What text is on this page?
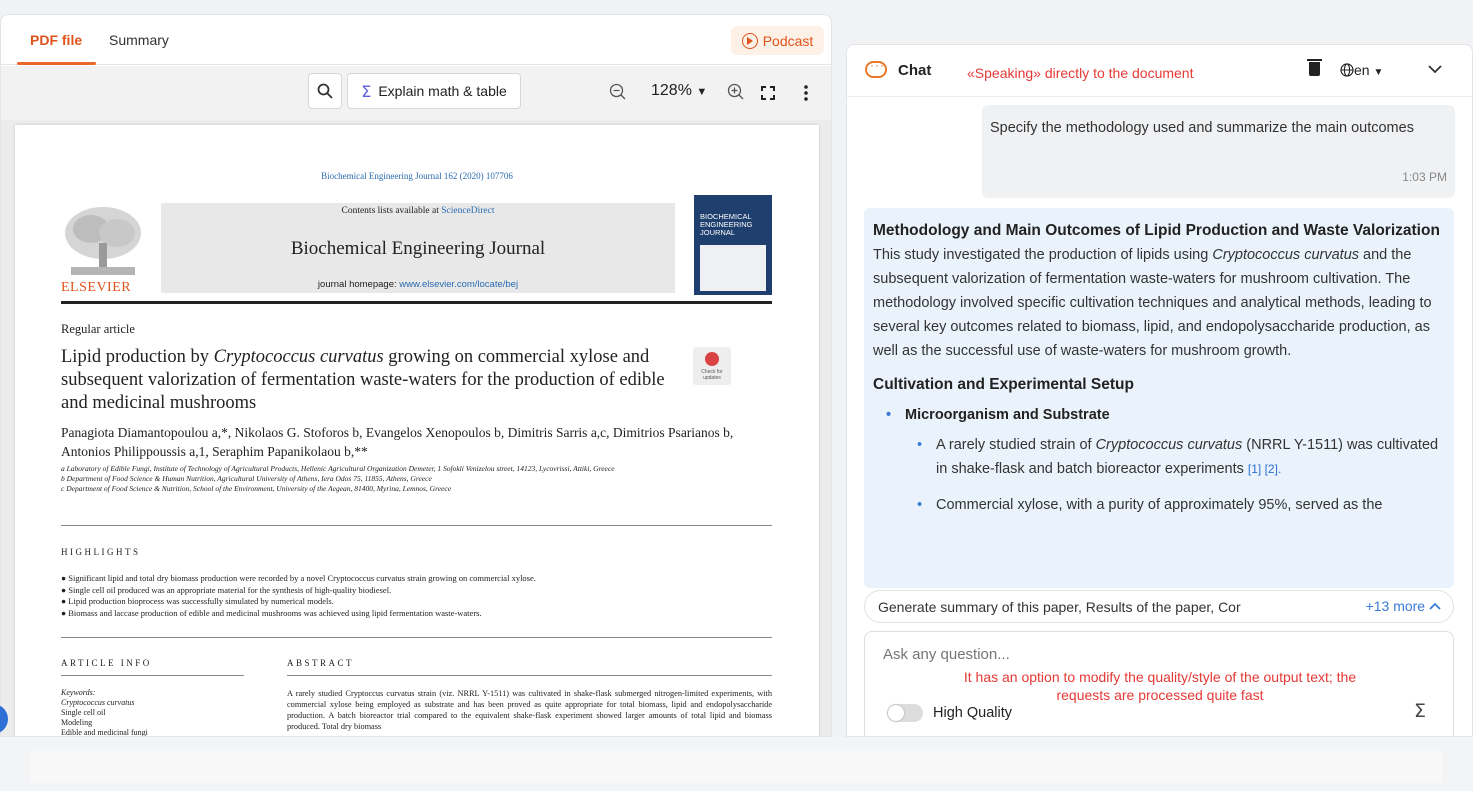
PDF file Summary	Podcast
Σ Explain math & table	128% ▼
Biochemical Engineering Journal 162 (2020) 107706
ELSEVIER
Contents lists available at ScienceDirect
Biochemical Engineering Journal
journal homepage: www.elsevier.com/locate/bej
BIOCHEMICAL ENGINEERING JOURNAL
Regular article
Lipid production by Cryptococcus curvatus growing on commercial xylose and subsequent valorization of fermentation waste-waters for the production of edible and medicinal mushrooms
Check for updates
Panagiota Diamantopoulou a,*, Nikolaos G. Stoforos b, Evangelos Xenopoulos b, Dimitris Sarris a,c, Dimitrios Psarianos b, Antonios Philippoussis a,1, Seraphim Papanikolaou b,**
a Laboratory of Edible Fungi, Institute of Technology of Agricultural Products, Hellenic Agricultural Organization Demeter, 1 Sofokli Venizelou street, 14123, Lycovrissi, Attiki, Greece
b Department of Food Science & Human Nutrition, Agricultural University of Athens, Iera Odos 75, 11855, Athens, Greece
c Department of Food Science & Nutrition, School of the Environment, University of the Aegean, 81400, Myrina, Lemnos, Greece
HIGHLIGHTS
● Significant lipid and total dry biomass production were recorded by a novel Cryptococcus curvatus strain growing on commercial xylose.
● Single cell oil produced was an appropriate material for the synthesis of high-quality biodiesel.
● Lipid production bioprocess was successfully simulated by numerical models.
● Biomass and laccase production of edible and medicinal mushrooms was achieved using lipid fermentation waste-waters.
ARTICLE INFO	ABSTRACT
Keywords:
Cryptococcus curvatus
Single cell oil
Modeling
Edible and medicinal fungi
A rarely studied Cryptoccus curvatus strain (viz. NRRL Y-1511) was cultivated in shake-flask submerged nitrogen-limited experiments, with commercial xylose being employed as substrate and has been proved as quite appropriate for total biomass, lipid and endopolysaccharide production. A batch bioreactor trial compared to the equivalent shake-flask experiment showed larger amounts of total lipid and biomass produced. Total dry biomass
···
Chat	«Speaking» directly to the document	en ▼
Specify the methodology used and summarize the main outcomes
1:03 PM
Methodology and Main Outcomes of Lipid Production and Waste Valorization
This study investigated the production of lipids using Cryptococcus curvatus and the subsequent valorization of fermentation waste-waters for mushroom cultivation. The methodology involved specific cultivation techniques and analytical methods, leading to several key outcomes related to biomass, lipid, and endopolysaccharide production, as well as the successful use of waste-waters for mushroom growth.
Cultivation and Experimental Setup
• Microorganism and Substrate
• A rarely studied strain of Cryptococcus curvatus (NRRL Y-1511) was cultivated in shake-flask and batch bioreactor experiments [1] [2].
• Commercial xylose, with a purity of approximately 95%, served as the
Generate summary of this paper, Results of the paper, Cor	+13 more
Ask any question...
It has an option to modify the quality/style of the output text; the requests are processed quite fast
High Quality	Σ
